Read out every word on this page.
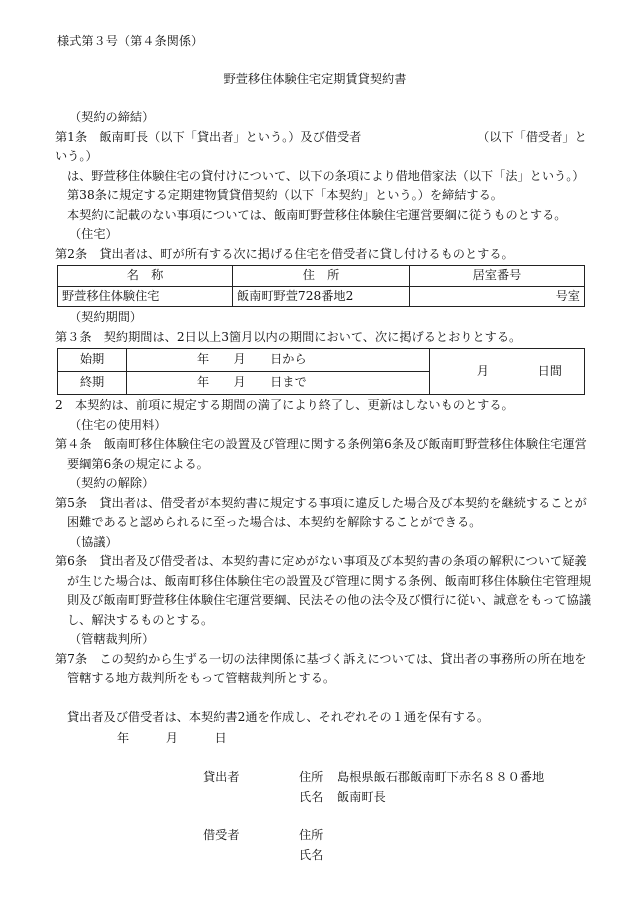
様式第３号（第４条関係）
野萱移住体験住宅定期賃貸契約書
（契約の締結）
第1条　飯南町長（以下「貸出者」という。）及び借受者　　　　　　　　　　（以下「借受者」という。）
は、野萱移住体験住宅の貸付けについて、以下の条項により借地借家法（以下「法」という。）
第38条に規定する定期建物賃貸借契約（以下「本契約」という。）を締結する。
本契約に記載のない事項については、飯南町野萱移住体験住宅運営要綱に従うものとする。
（住宅）
第2条　貸出者は、町が所有する次に掲げる住宅を借受者に貸し付けるものとする。
名　称	住　所	居室番号
野萱移住体験住宅	飯南町野萱728番地2	号室
（契約期間）
第３条　契約期間は、2日以上3箇月以内の期間において、次に掲げるとおりとする。
始期	年　　月　　日から	月　　　　日間
終期	年　　月　　日まで	
2　本契約は、前項に規定する期間の満了により終了し、更新はしないものとする。
（住宅の使用料）
第４条　飯南町移住体験住宅の設置及び管理に関する条例第6条及び飯南町野萱移住体験住宅運営
要綱第6条の規定による。
（契約の解除）
第5条　貸出者は、借受者が本契約書に規定する事項に違反した場合及び本契約を継続することが
困難であると認められるに至った場合は、本契約を解除することができる。
（協議）
第6条　貸出者及び借受者は、本契約書に定めがない事項及び本契約書の条項の解釈について疑義
が生じた場合は、飯南町移住体験住宅の設置及び管理に関する条例、飯南町移住体験住宅管理規
則及び飯南町野萱移住体験住宅運営要綱、民法その他の法令及び慣行に従い、誠意をもって協議
し、解決するものとする。
（管轄裁判所）
第7条　この契約から生ずる一切の法律関係に基づく訴えについては、貸出者の事務所の所在地を
管轄する地方裁判所をもって管轄裁判所とする。
貸出者及び借受者は、本契約書2通を作成し、それぞれその１通を保有する。
年　　　月　　　日
貸出者	住所 島根県飯石郡飯南町下赤名８８０番地
氏名 飯南町長
借受者	住所
氏名
